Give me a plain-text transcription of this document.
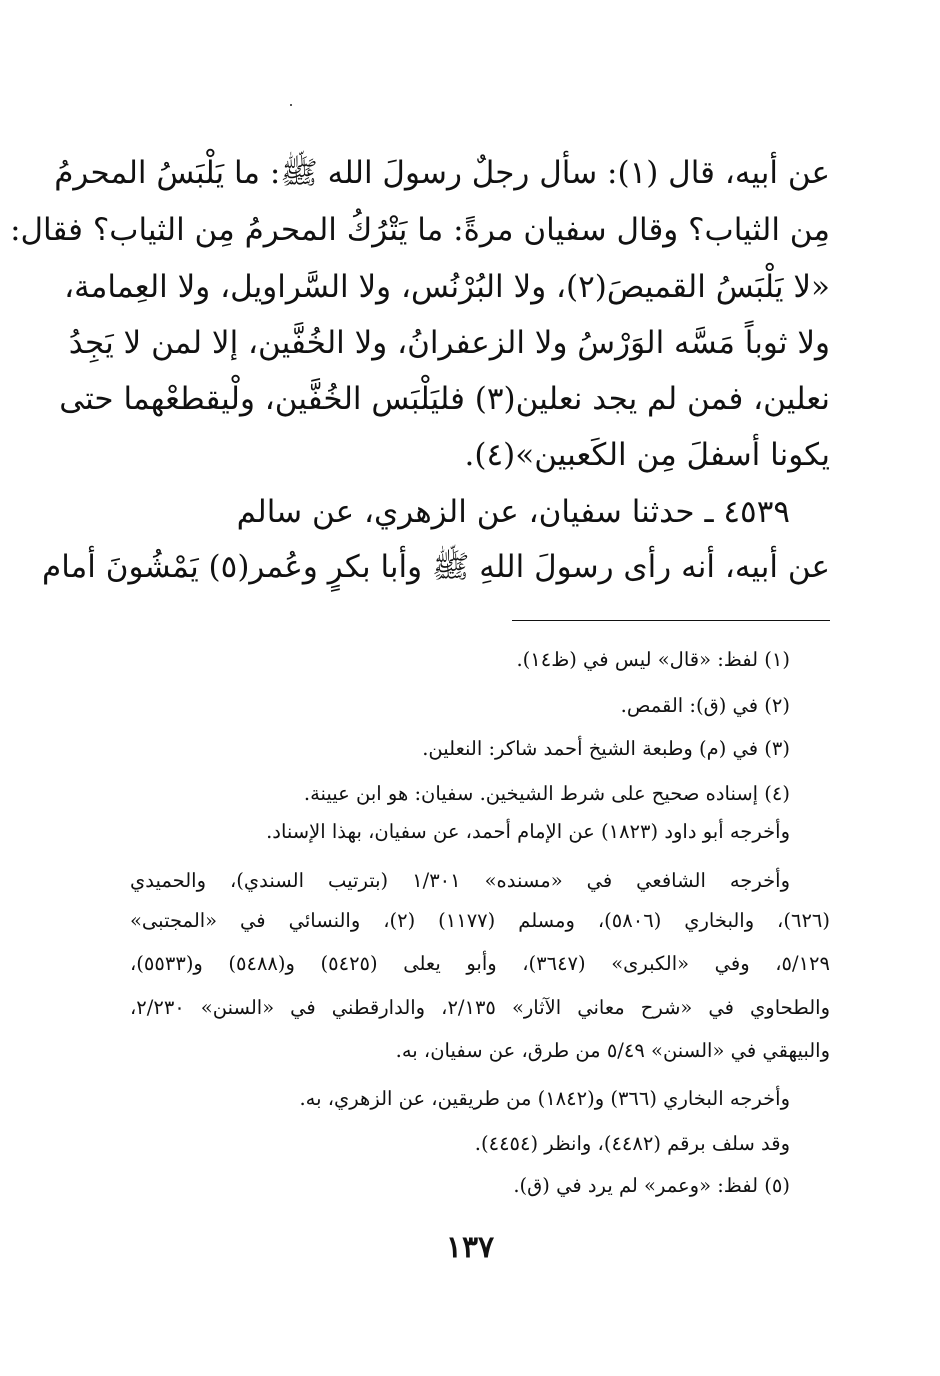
عن أبيه، قال (١): سأل رجلٌ رسولَ الله ﷺ: ما يَلْبَسُ المحرمُ
مِن الثياب؟ وقال سفيان مرةً: ما يَتْرُكُ المحرمُ مِن الثياب؟ فقال:
«لا يَلْبَسُ القميصَ(٢)، ولا البُرْنُس، ولا السَّراويل، ولا العِمامة،
ولا ثوباً مَسَّه الوَرْسُ ولا الزعفرانُ، ولا الخُفَّين، إلا لمن لا يَجِدُ
نعلين، فمن لم يجد نعلين(٣) فليَلْبَس الخُفَّين، ولْيقطعْهما حتى
يكونا أسفلَ مِن الكَعبين»(٤).
٤٥٣٩ ـ حدثنا سفيان، عن الزهري، عن سالم
عن أبيه، أنه رأى رسولَ اللهِ ﷺ وأبا بكرٍ وعُمر(٥) يَمْشُونَ أمام
(١) لفظ: «قال» ليس في (ظ١٤).
(٢) في (ق): القمص.
(٣) في (م) وطبعة الشيخ أحمد شاكر: النعلين.
(٤) إسناده صحيح على شرط الشيخين. سفيان: هو ابن عيينة.
وأخرجه أبو داود (١٨٢٣) عن الإمام أحمد، عن سفيان، بهذا الإسناد.
وأخرجه الشافعي في «مسنده» ١/٣٠١ (بترتيب السندي)، والحميدي
(٦٢٦)، والبخاري (٥٨٠٦)، ومسلم (١١٧٧) (٢)، والنسائي في «المجتبى»
٥/١٢٩، وفي «الكبرى» (٣٦٤٧)، وأبو يعلى (٥٤٢٥) و(٥٤٨٨) و(٥٥٣٣)،
والطحاوي في «شرح معاني الآثار» ٢/١٣٥، والدارقطني في «السنن» ٢/٢٣٠،
والبيهقي في «السنن» ٥/٤٩ من طرق، عن سفيان، به.
وأخرجه البخاري (٣٦٦) و(١٨٤٢) من طريقين، عن الزهري، به.
وقد سلف برقم (٤٤٨٢)، وانظر (٤٤٥٤).
(٥) لفظ: «وعمر» لم يرد في (ق).
١٣٧
